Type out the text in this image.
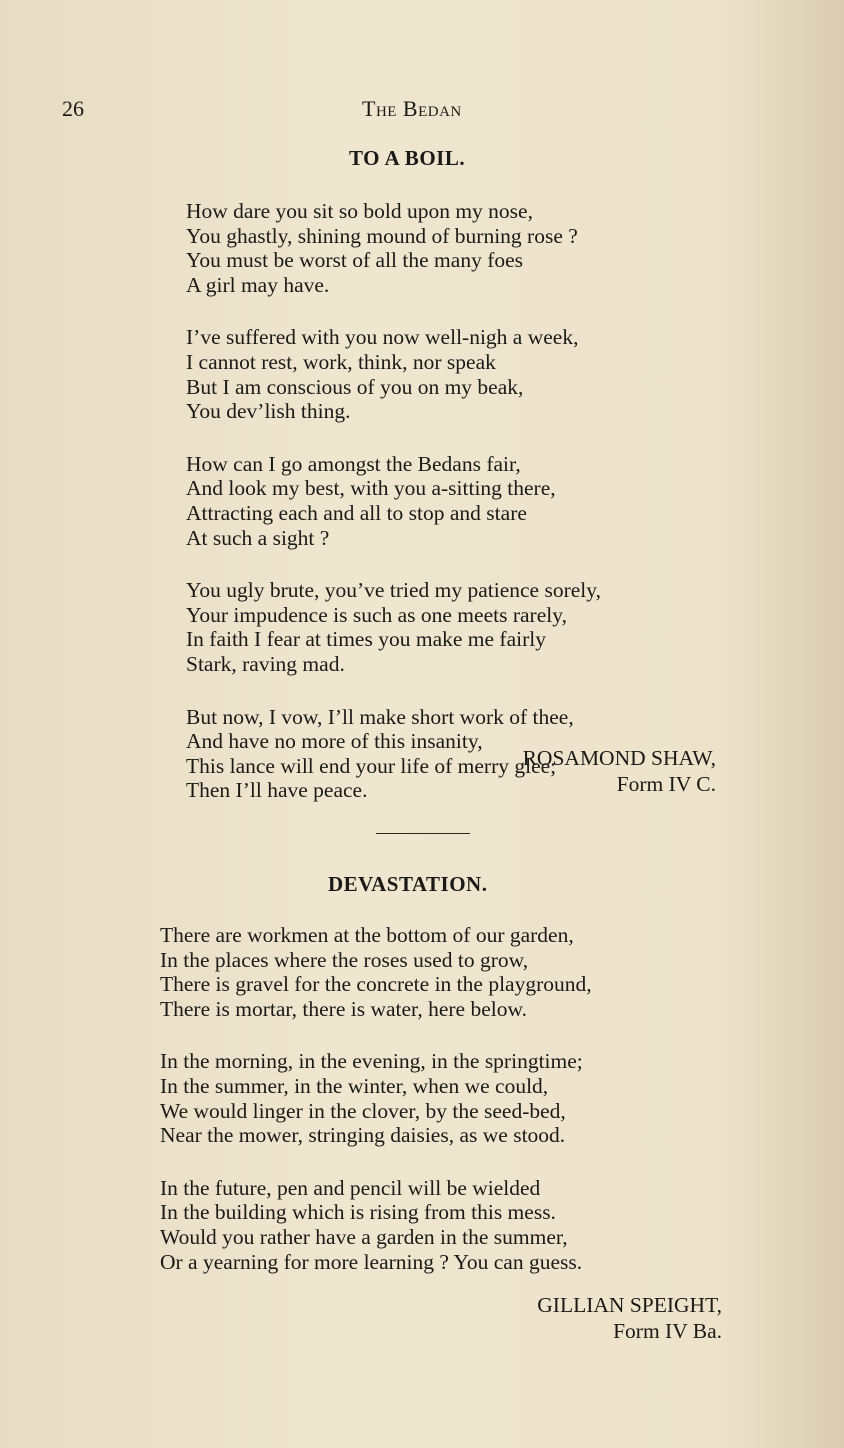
26	The Bedan
TO A BOIL.
How dare you sit so bold upon my nose,
You ghastly, shining mound of burning rose ?
You must be worst of all the many foes
A girl may have.
I’ve suffered with you now well-nigh a week,
I cannot rest, work, think, nor speak
But I am conscious of you on my beak,
You dev’lish thing.
How can I go amongst the Bedans fair,
And look my best, with you a-sitting there,
Attracting each and all to stop and stare
At such a sight ?
You ugly brute, you’ve tried my patience sorely,
Your impudence is such as one meets rarely,
In faith I fear at times you make me fairly
Stark, raving mad.
But now, I vow, I’ll make short work of thee,
And have no more of this insanity,
This lance will end your life of merry glee;
Then I’ll have peace.
ROSAMOND SHAW,
Form IV C.
DEVASTATION.
There are workmen at the bottom of our garden,
In the places where the roses used to grow,
There is gravel for the concrete in the playground,
There is mortar, there is water, here below.
In the morning, in the evening, in the springtime;
In the summer, in the winter, when we could,
We would linger in the clover, by the seed-bed,
Near the mower, stringing daisies, as we stood.
In the future, pen and pencil will be wielded
In the building which is rising from this mess.
Would you rather have a garden in the summer,
Or a yearning for more learning ? You can guess.
GILLIAN SPEIGHT,
Form IV Ba.
